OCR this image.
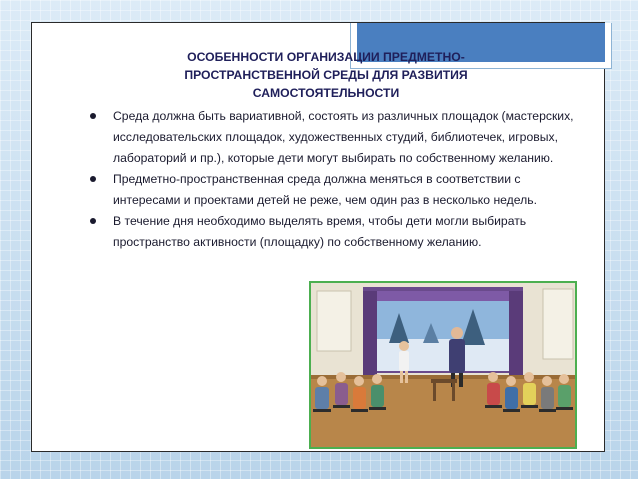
ОСОБЕННОСТИ ОРГАНИЗАЦИИ ПРЕДМЕТНО-
ПРОСТРАНСТВЕННОЙ СРЕДЫ ДЛЯ РАЗВИТИЯ
САМОСТОЯТЕЛЬНОСТИ
Среда должна быть вариативной, состоять из различных площадок (мастерских, исследовательских площадок, художественных студий, библиотечек, игровых, лабораторий и пр.), которые дети могут выбирать по собственному желанию.
Предметно-пространственная среда должна меняться в соответствии с интересами и проектами детей не реже, чем один раз в несколько недель.
В течение дня необходимо выделять время, чтобы дети могли выбирать пространство активности (площадку) по собственному желанию.
